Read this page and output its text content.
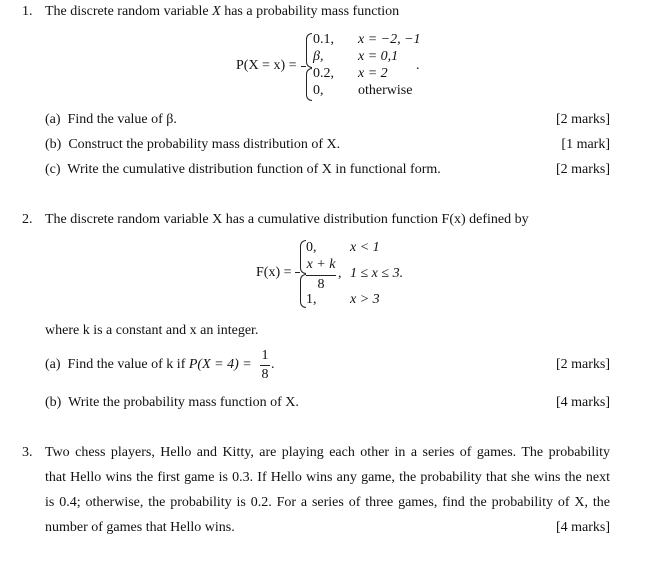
1. The discrete random variable X has a probability mass function
P(X = x) =
0.1, x = −2, −1
β, x = 0,1
0.2, x = 2
0, otherwise
.
(a) Find the value of β.	[2 marks]
(b) Construct the probability mass distribution of X.	[1 mark]
(c) Write the cumulative distribution function of X in functional form.	[2 marks]
2. The discrete random variable X has a cumulative distribution function F(x) defined by
F(x) =
0, x < 1
x + k
8
, 1 ≤ x ≤ 3.
1, x > 3
where k is a constant and x an integer.
(a) Find the value of k if P(X = 4) =
1
8
.	[2 marks]
(b) Write the probability mass function of X.	[4 marks]
3. Two chess players, Hello and Kitty, are playing each other in a series of games. The probability
that Hello wins the first game is 0.3. If Hello wins any game, the probability that she wins the next
is 0.4; otherwise, the probability is 0.2. For a series of three games, find the probability of X, the
number of games that Hello wins.	[4 marks]
